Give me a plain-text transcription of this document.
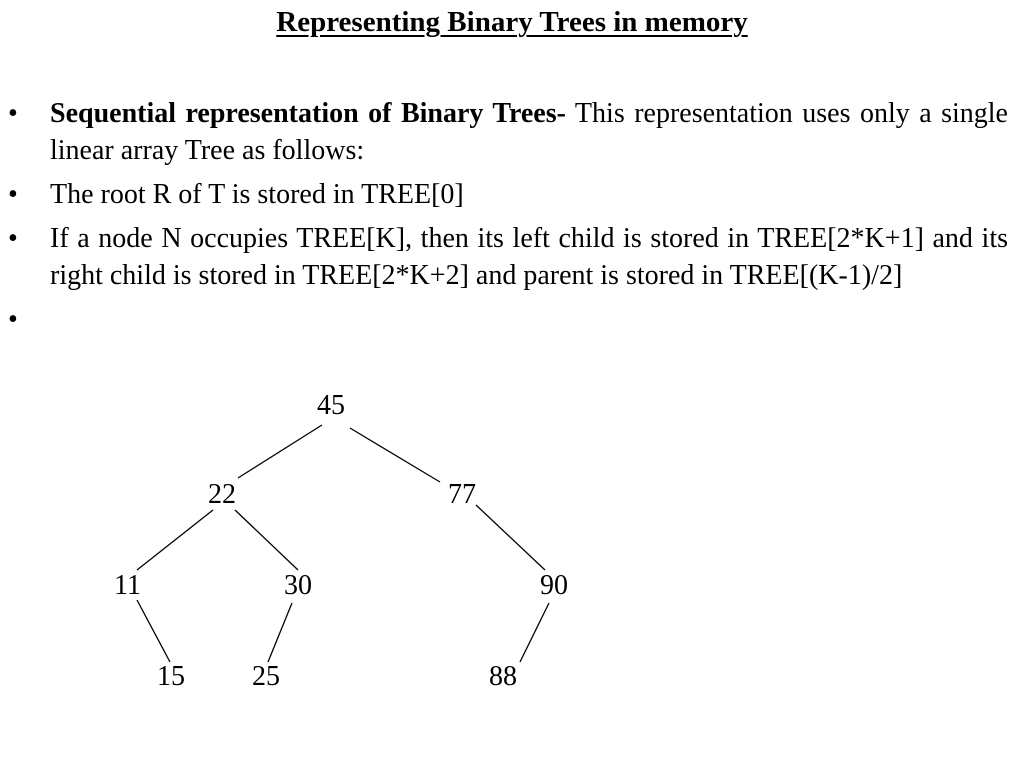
Representing Binary Trees in memory
• Sequential representation of Binary Trees- This representation uses only a single linear array Tree as follows:
• The root R of T is stored in TREE[0]
• If a node N occupies TREE[K], then its left child is stored in TREE[2*K+1] and its right child is stored in TREE[2*K+2] and parent is stored in TREE[(K-1)/2]
•
45
22	77
11	30	90
15 25	88
